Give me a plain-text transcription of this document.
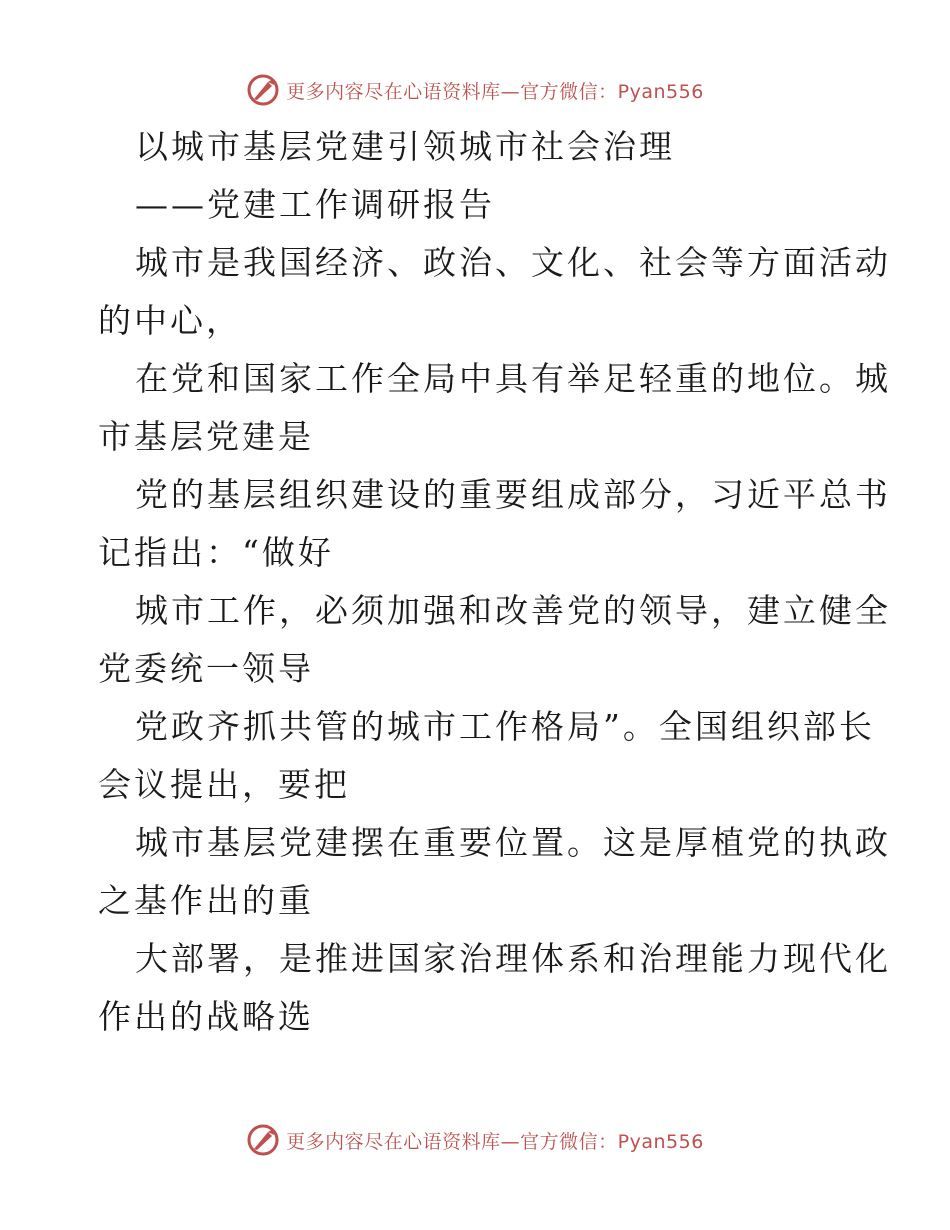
更多内容尽在心语资料库—官方微信：Pyan556
以城市基层党建引领城市社会治理
——党建工作调研报告
城市是我国经济、政治、文化、社会等方面活动
的中心，
在党和国家工作全局中具有举足轻重的地位。城
市基层党建是
党的基层组织建设的重要组成部分，习近平总书
记指出：“做好
城市工作，必须加强和改善党的领导，建立健全
党委统一领导
党政齐抓共管的城市工作格局”。全国组织部长
会议提出，要把
城市基层党建摆在重要位置。这是厚植党的执政
之基作出的重
大部署，是推进国家治理体系和治理能力现代化
作出的战略选
更多内容尽在心语资料库—官方微信：Pyan556
